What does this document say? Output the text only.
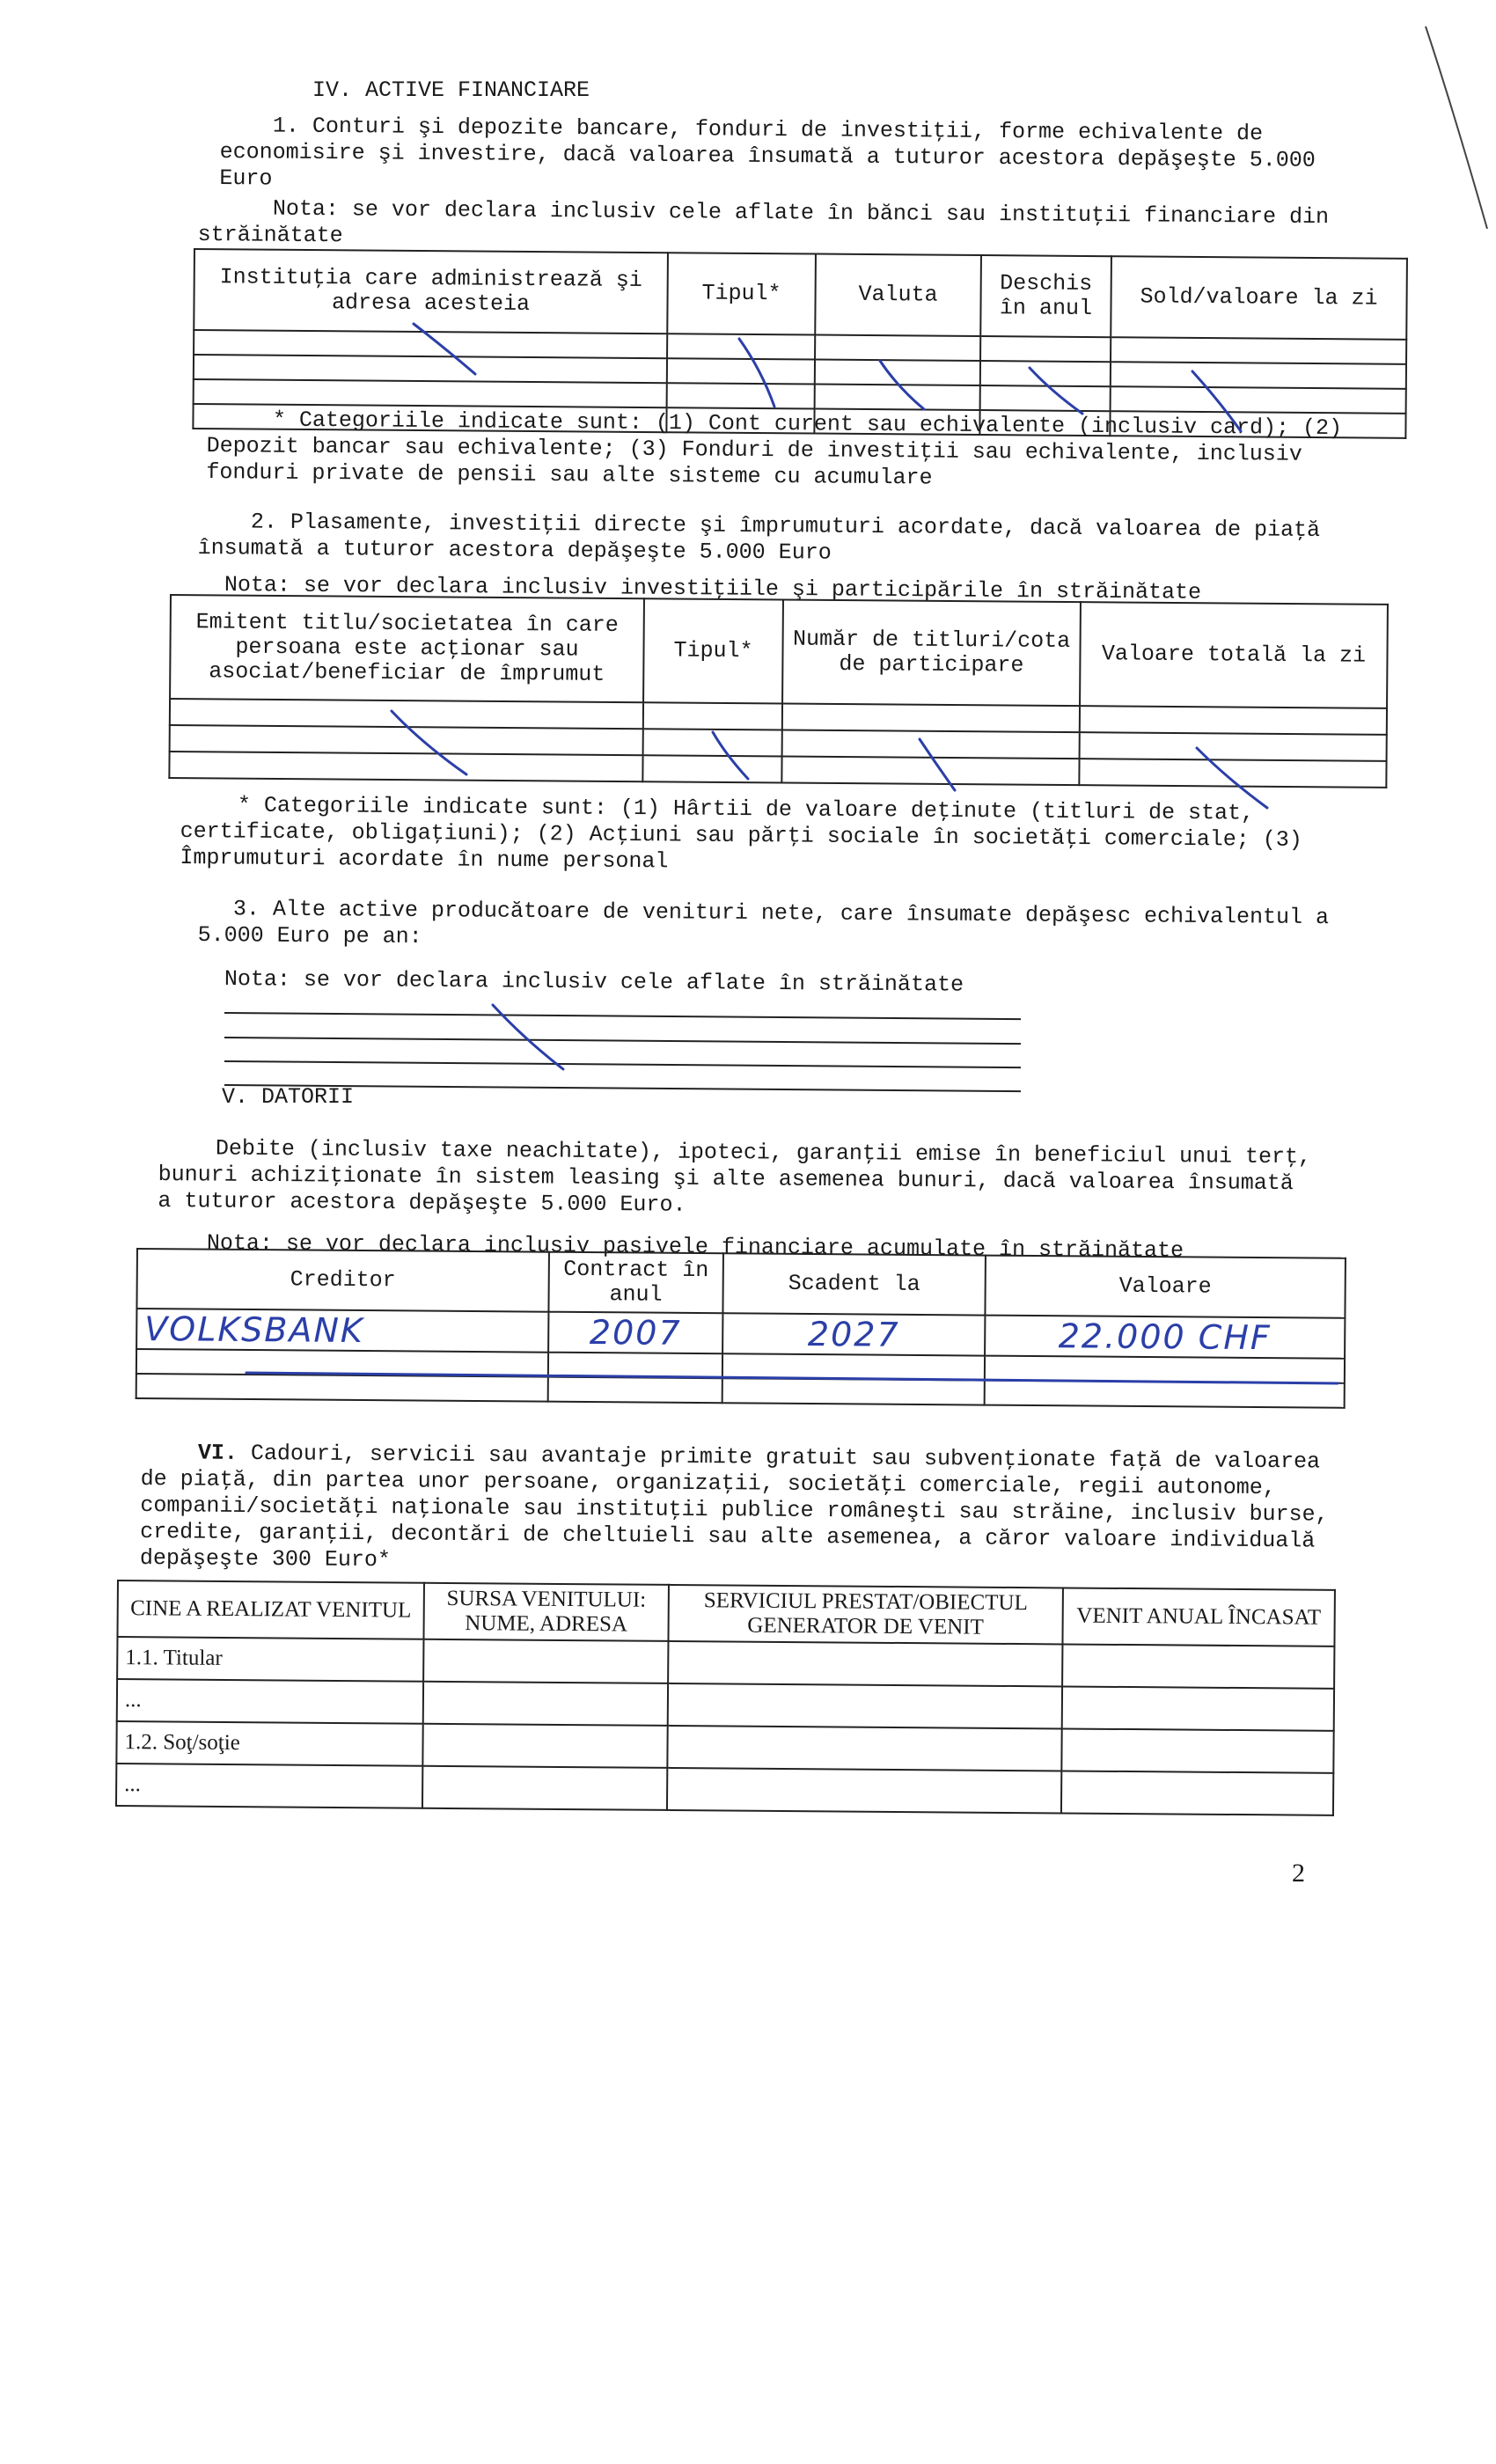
IV. ACTIVE FINANCIARE
1. Conturi şi depozite bancare, fonduri de investiţii, forme echivalente de economisire şi investire, dacă valoarea însumată a tuturor acestora depăşeşte 5.000 Euro
Nota: se vor declara inclusiv cele aflate în bănci sau instituţii financiare din străinătate
Instituţia care administrează şi adresa acesteia	Tipul*	Valuta	Deschis în anul	Sold/valoare la zi

* Categoriile indicate sunt: (1) Cont curent sau echivalente (inclusiv card); (2) Depozit bancar sau echivalente; (3) Fonduri de investiţii sau echivalente, inclusiv fonduri private de pensii sau alte sisteme cu acumulare
2. Plasamente, investiţii directe şi împrumuturi acordate, dacă valoarea de piaţă însumată a tuturor acestora depăşeşte 5.000 Euro
Nota: se vor declara inclusiv investiţiile şi participările în străinătate
Emitent titlu/societatea în care persoana este acţionar sau asociat/beneficiar de împrumut	Tipul*	Număr de titluri/cota de participare	Valoare totală la zi

* Categoriile indicate sunt: (1) Hârtii de valoare deţinute (titluri de stat, certificate, obligaţiuni); (2) Acţiuni sau părţi sociale în societăţi comerciale; (3) Împrumuturi acordate în nume personal
3. Alte active producătoare de venituri nete, care însumate depăşesc echivalentul a 5.000 Euro pe an:
Nota: se vor declara inclusiv cele aflate în străinătate
V. DATORII
Debite (inclusiv taxe neachitate), ipoteci, garanţii emise în beneficiul unui terţ, bunuri achiziţionate în sistem leasing şi alte asemenea bunuri, dacă valoarea însumată a tuturor acestora depăşeşte 5.000 Euro.
Nota: se vor declara inclusiv pasivele financiare acumulate în străinătate
Creditor	Contract în anul	Scadent la	Valoare
VOLKSBANK	2007	2027	22.000 CHF

VI. Cadouri, servicii sau avantaje primite gratuit sau subvenţionate faţă de valoarea de piaţă, din partea unor persoane, organizaţii, societăţi comerciale, regii autonome, companii/societăţi naţionale sau instituţii publice româneşti sau străine, inclusiv burse, credite, garanţii, decontări de cheltuieli sau alte asemenea, a căror valoare individuală depăşeşte 300 Euro*
CINE A REALIZAT VENITUL	SURSA VENITULUI: NUME, ADRESA	SERVICIUL PRESTAT/OBIECTUL GENERATOR DE VENIT	VENIT ANUAL ÎNCASAT
1.1. Titular			
...			
1.2. Soţ/soţie			
...			
2
